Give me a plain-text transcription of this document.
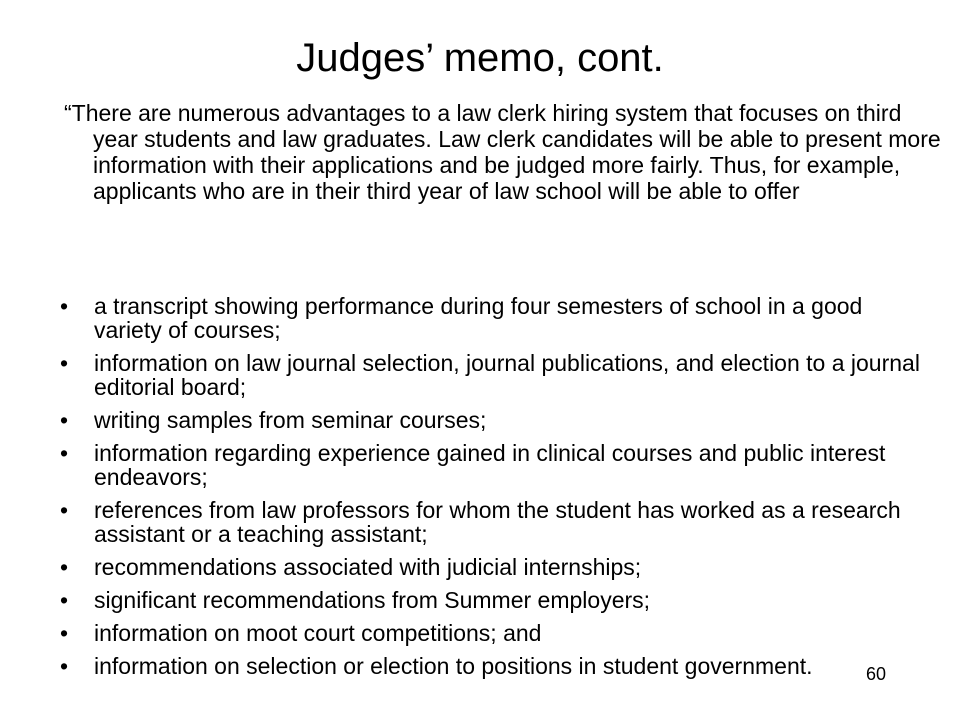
Judges’ memo, cont.
“There are numerous advantages to a law clerk hiring system that focuses on third year students and law graduates. Law clerk candidates will be able to present more information with their applications and be judged more fairly. Thus, for example, applicants who are in their third year of law school will be able to offer
• a transcript showing performance during four semesters of school in a good variety of courses;
• information on law journal selection, journal publications, and election to a journal editorial board;
• writing samples from seminar courses;
• information regarding experience gained in clinical courses and public interest endeavors;
• references from law professors for whom the student has worked as a research assistant or a teaching assistant;
• recommendations associated with judicial internships;
• significant recommendations from Summer employers;
• information on moot court competitions; and
• information on selection or election to positions in student government.	60
